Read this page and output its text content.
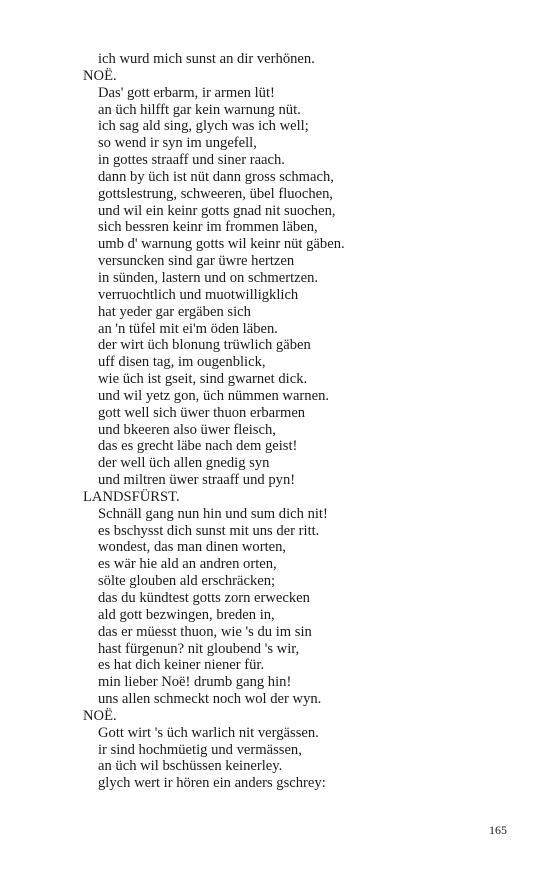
ich wurd mich sunst an dir verhönen.
NOË.
Das' gott erbarm, ir armen lüt!
an üch hilfft gar kein warnung nüt.
ich sag ald sing, glych was ich well;
so wend ir syn im ungefell,
in gottes straaff und siner raach.
dann by üch ist nüt dann gross schmach,
gottslestrung, schweeren, übel fluochen,
und wil ein keinr gotts gnad nit suochen,
sich bessren keinr im frommen läben,
umb d' warnung gotts wil keinr nüt gäben.
versuncken sind gar üwre hertzen
in sünden, lastern und on schmertzen.
verruochtlich und muotwilligklich
hat yeder gar ergäben sich
an 'n tüfel mit ei'm öden läben.
der wirt üch blonung trüwlich gäben
uff disen tag, im ougenblick,
wie üch ist gseit, sind gwarnet dick.
und wil yetz gon, üch nümmen warnen.
gott well sich üwer thuon erbarmen
und bkeeren also üwer fleisch,
das es grecht läbe nach dem geist!
der well üch allen gnedig syn
und miltren üwer straaff und pyn!
LANDSFÜRST.
Schnäll gang nun hin und sum dich nit!
es bschysst dich sunst mit uns der ritt.
wondest, das man dinen worten,
es wär hie ald an andren orten,
sölte glouben ald erschräcken;
das du kündtest gotts zorn erwecken
ald gott bezwingen, breden in,
das er müesst thuon, wie 's du im sin
hast fürgenun? nit gloubend 's wir,
es hat dich keiner niener für.
min lieber Noë! drumb gang hin!
uns allen schmeckt noch wol der wyn.
NOË.
Gott wirt 's üch warlich nit vergässen.
ir sind hochmüetig und vermässen,
an üch wil bschüssen keinerley.
glych wert ir hören ein anders gschrey:
165
